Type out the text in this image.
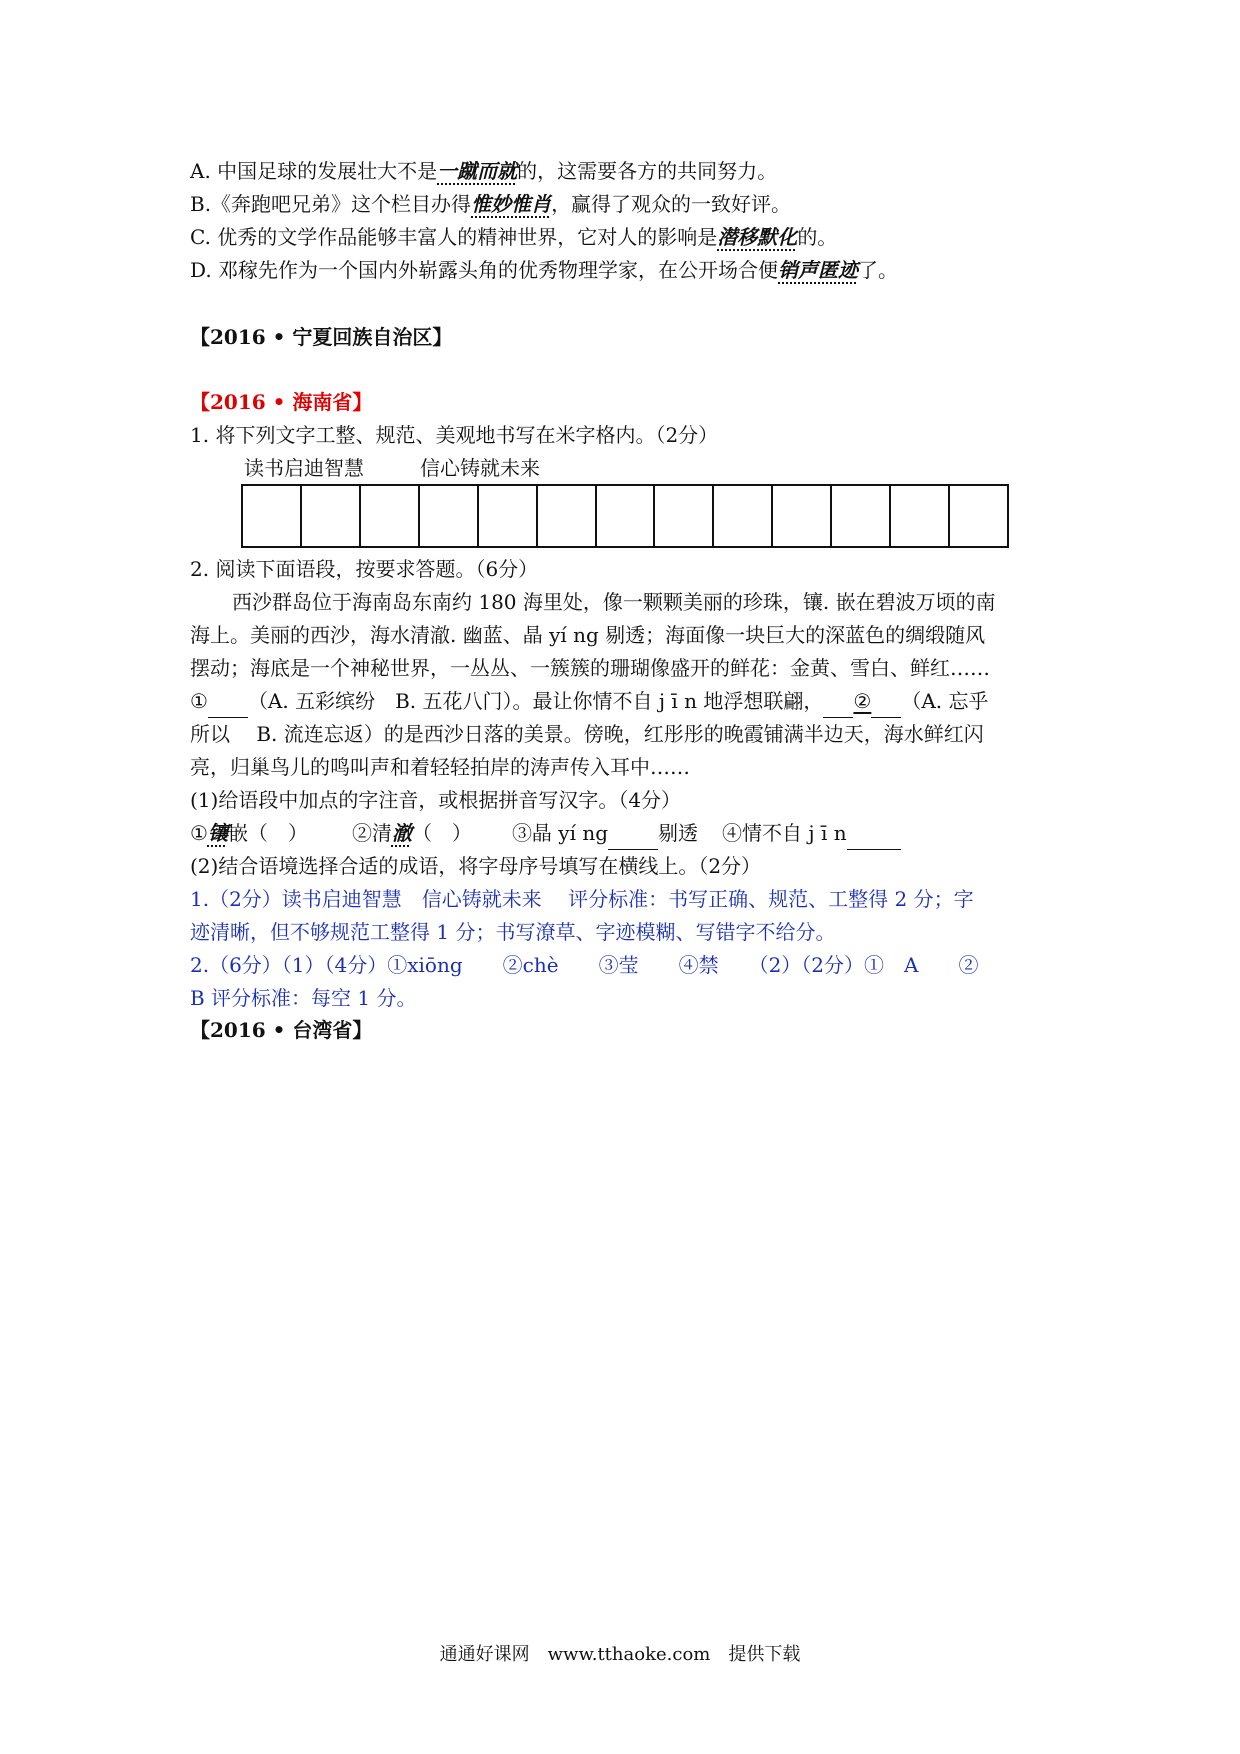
A. 中国足球的发展壮大不是一蹴而就的，这需要各方的共同努力。
B.《奔跑吧兄弟》这个栏目办得惟妙惟肖，赢得了观众的一致好评。
C. 优秀的文学作品能够丰富人的精神世界，它对人的影响是潜移默化的。
D. 邓稼先作为一个国内外崭露头角的优秀物理学家，在公开场合便销声匿迹了。
【2016 • 宁夏回族自治区】
【2016 • 海南省】
1. 将下列文字工整、规范、美观地书写在米字格内。（2分）
读书启迪智慧	信心铸就未来
2. 阅读下面语段，按要求答题。（6分）
西沙群岛位于海南岛东南约 180 海里处，像一颗颗美丽的珍珠，镶. 嵌在碧波万顷的南
海上。美丽的西沙，海水清澈. 幽蓝、晶 yí ng 剔透；海面像一块巨大的深蓝色的绸缎随风
摆动；海底是一个神秘世界，一丛丛、一簇簇的珊瑚像盛开的鲜花：金黄、雪白、鲜红……
① （A. 五彩缤纷　B. 五花八门）。最让你情不自 j ī n 地浮想联翩， ② （A. 忘乎
所以　 B. 流连忘返）的是西沙日落的美景。傍晚，红彤彤的晚霞铺满半边天，海水鲜红闪
亮，归巢鸟儿的鸣叫声和着轻轻拍岸的涛声传入耳中……
(1)给语段中加点的字注音，或根据拼音写汉字。（4分）
①镶嵌（　） ②清澈（　） ③晶 yí ng	剔透 ④情不自 j ī n
(2)结合语境选择合适的成语，将字母序号填写在横线上。（2分）
1.（2分）读书启迪智慧　信心铸就未来　 评分标准：书写正确、规范、工整得 2 分；字
迹清晰，但不够规范工整得 1 分；书写潦草、字迹模糊、写错字不给分。
2.（6分）（1）（4分）①xiōng　　②chè　　③莹　　④禁　　（2）（2分）①　A　　②
B 评分标准：每空 1 分。
【2016 • 台湾省】
通通好课网　www.tthaoke.com　提供下载
